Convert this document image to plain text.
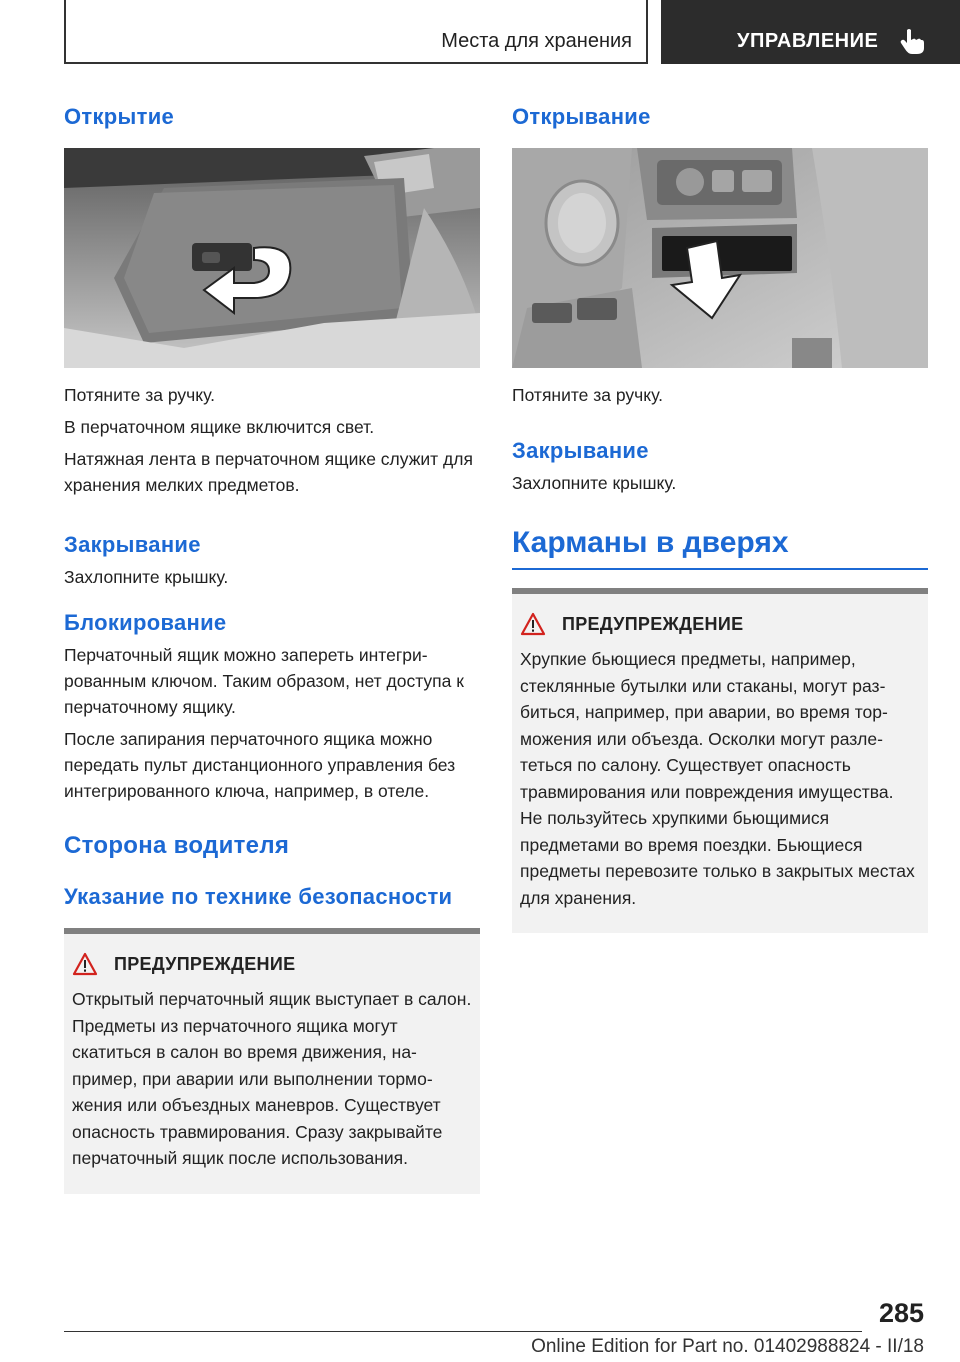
Места для хранения	УПРАВЛЕНИЕ
Открытие

Потяните за ручку.

В перчаточном ящике включится свет.

Натяжная лента в перчаточном ящике служит для хранения мелких предметов.

Закрывание

Захлопните крышку.

Блокирование

Перчаточный ящик можно запереть интегрированным ключом. Таким образом, нет доступа к перчаточному ящику.

После запирания перчаточного ящика можно передать пульт дистанционного управления без интегрированного ключа, например, в отеле.

Сторона водителя
Указание по технике безопасности
ПРЕДУПРЕЖДЕНИЕ

Открытый перчаточный ящик выступает в салон. Предметы из перчаточного ящика могут скатиться в салон во время движения, например, при аварии или выполнении торможения или объездных маневров. Существует опасность травмирования. Сразу закрывайте перчаточный ящик после использования.

Открывание

Потяните за ручку.

Закрывание

Захлопните крышку.

Карманы в дверях
ПРЕДУПРЕЖДЕНИЕ

Хрупкие бьющиеся предметы, например, стеклянные бутылки или стаканы, могут разбиться, например, при аварии, во время торможения или объезда. Осколки могут разлететься по салону. Существует опасность травмирования или повреждения имущества. Не пользуйтесь хрупкими бьющимися предметами во время поездки. Бьющиеся предметы перевозите только в закрытых местах для хранения.

285
Online Edition for Part no. 01402988824 - II/18
